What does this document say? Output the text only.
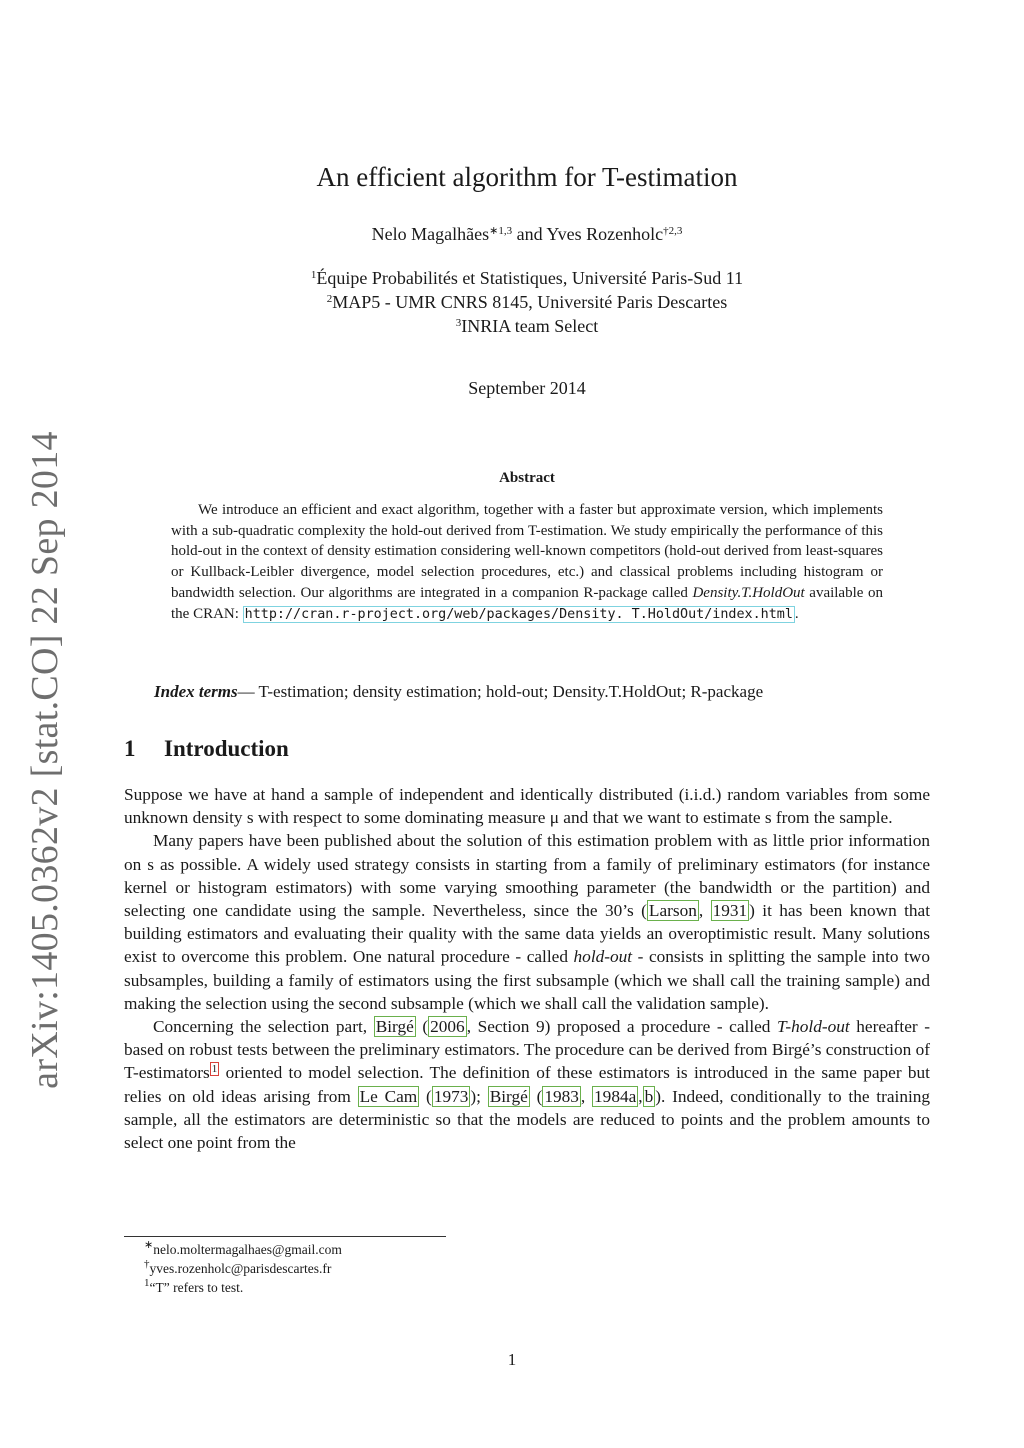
arXiv:1405.0362v2 [stat.CO] 22 Sep 2014
An efficient algorithm for T-estimation
Nelo Magalhães$^{∗1,3}$ and Yves Rozenholc$^{\dagger 2,3}$
$^1$Équipe Probabilités et Statistiques, Université Paris-Sud 11
$^2$MAP5 - UMR CNRS 8145, Université Paris Descartes
$^3$INRIA team Select
September 2014
Abstract
We introduce an efficient and exact algorithm, together with a faster but approximate version, which implements with a sub-quadratic complexity the hold-out derived from T-estimation. We study empirically the performance of this hold-out in the context of density estimation considering well-known competitors (hold-out derived from least-squares or Kullback-Leibler divergence, model selection procedures, etc.) and classical problems including histogram or bandwidth selection. Our algorithms are integrated in a companion R-package called Density.T.HoldOut available on the CRAN: http://cran.r-project.org/web/packages/Density. T.HoldOut/index.html .
Index terms— T-estimation; density estimation; hold-out; Density.T.HoldOut; R-package
1 Introduction

Suppose we have at hand a sample of independent and identically distributed (i.i.d.) random variables from some unknown density s with respect to some dominating measure μ and that we want to estimate s from the sample.

Many papers have been published about the solution of this estimation problem with as little prior information on s as possible. A widely used strategy consists in starting from a family of preliminary estimators (for instance kernel or histogram estimators) with some varying smoothing parameter (the bandwidth or the partition) and selecting one candidate using the sample. Nevertheless, since the 30’s ( Larson , 1931 ) it has been known that building estimators and evaluating their quality with the same data yields an overoptimistic result. Many solutions exist to overcome this problem. One natural procedure - called hold-out - consists in splitting the sample into two subsamples, building a family of estimators using the first subsample (which we shall call the training sample) and making the selection using the second subsample (which we shall call the validation sample).

Concerning the selection part, Birgé ( 2006 , Section 9) proposed a procedure - called T-hold-out hereafter - based on robust tests between the preliminary estimators. The procedure can be derived from Birgé’s construction of T-estimators $^1$ oriented to model selection. The definition of these estimators is introduced in the same paper but relies on old ideas arising from Le Cam ( 1973 ); Birgé ( 1983 , 1984a , b ). Indeed, conditionally to the training sample, all the estimators are deterministic so that the models are reduced to points and the problem amounts to select one point from the

∗nelo.moltermagalhaes@gmail.com
†yves.rozenholc@parisdescartes.fr
$^1$“T” refers to test.
1
